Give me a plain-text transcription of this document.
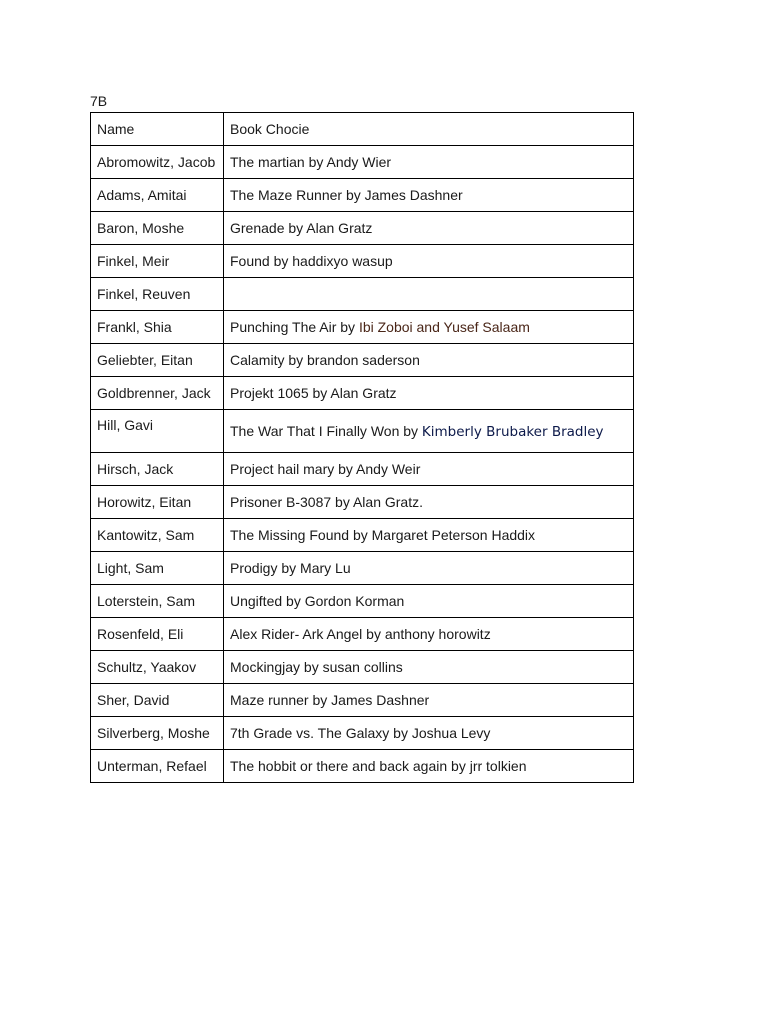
7B
Name	Book Chocie
Abromowitz, Jacob	The martian by Andy Wier
Adams, Amitai	The Maze Runner by James Dashner
Baron, Moshe	Grenade by Alan Gratz
Finkel, Meir	Found by haddixyo wasup
Finkel, Reuven	
Frankl, Shia	Punching The Air by Ibi Zoboi and Yusef Salaam
Geliebter, Eitan	Calamity by brandon saderson
Goldbrenner, Jack	Projekt 1065 by Alan Gratz
Hill, Gavi	The War That I Finally Won by Kimberly Brubaker Bradley
Hirsch, Jack	Project hail mary by Andy Weir
Horowitz, Eitan	Prisoner B-3087 by Alan Gratz.
Kantowitz, Sam	The Missing Found by Margaret Peterson Haddix
Light, Sam	Prodigy by Mary Lu
Loterstein, Sam	Ungifted by Gordon Korman
Rosenfeld, Eli	Alex Rider- Ark Angel by anthony horowitz
Schultz, Yaakov	Mockingjay by susan collins
Sher, David	Maze runner by James Dashner
Silverberg, Moshe	7th Grade vs. The Galaxy by Joshua Levy
Unterman, Refael	The hobbit or there and back again by jrr tolkien
